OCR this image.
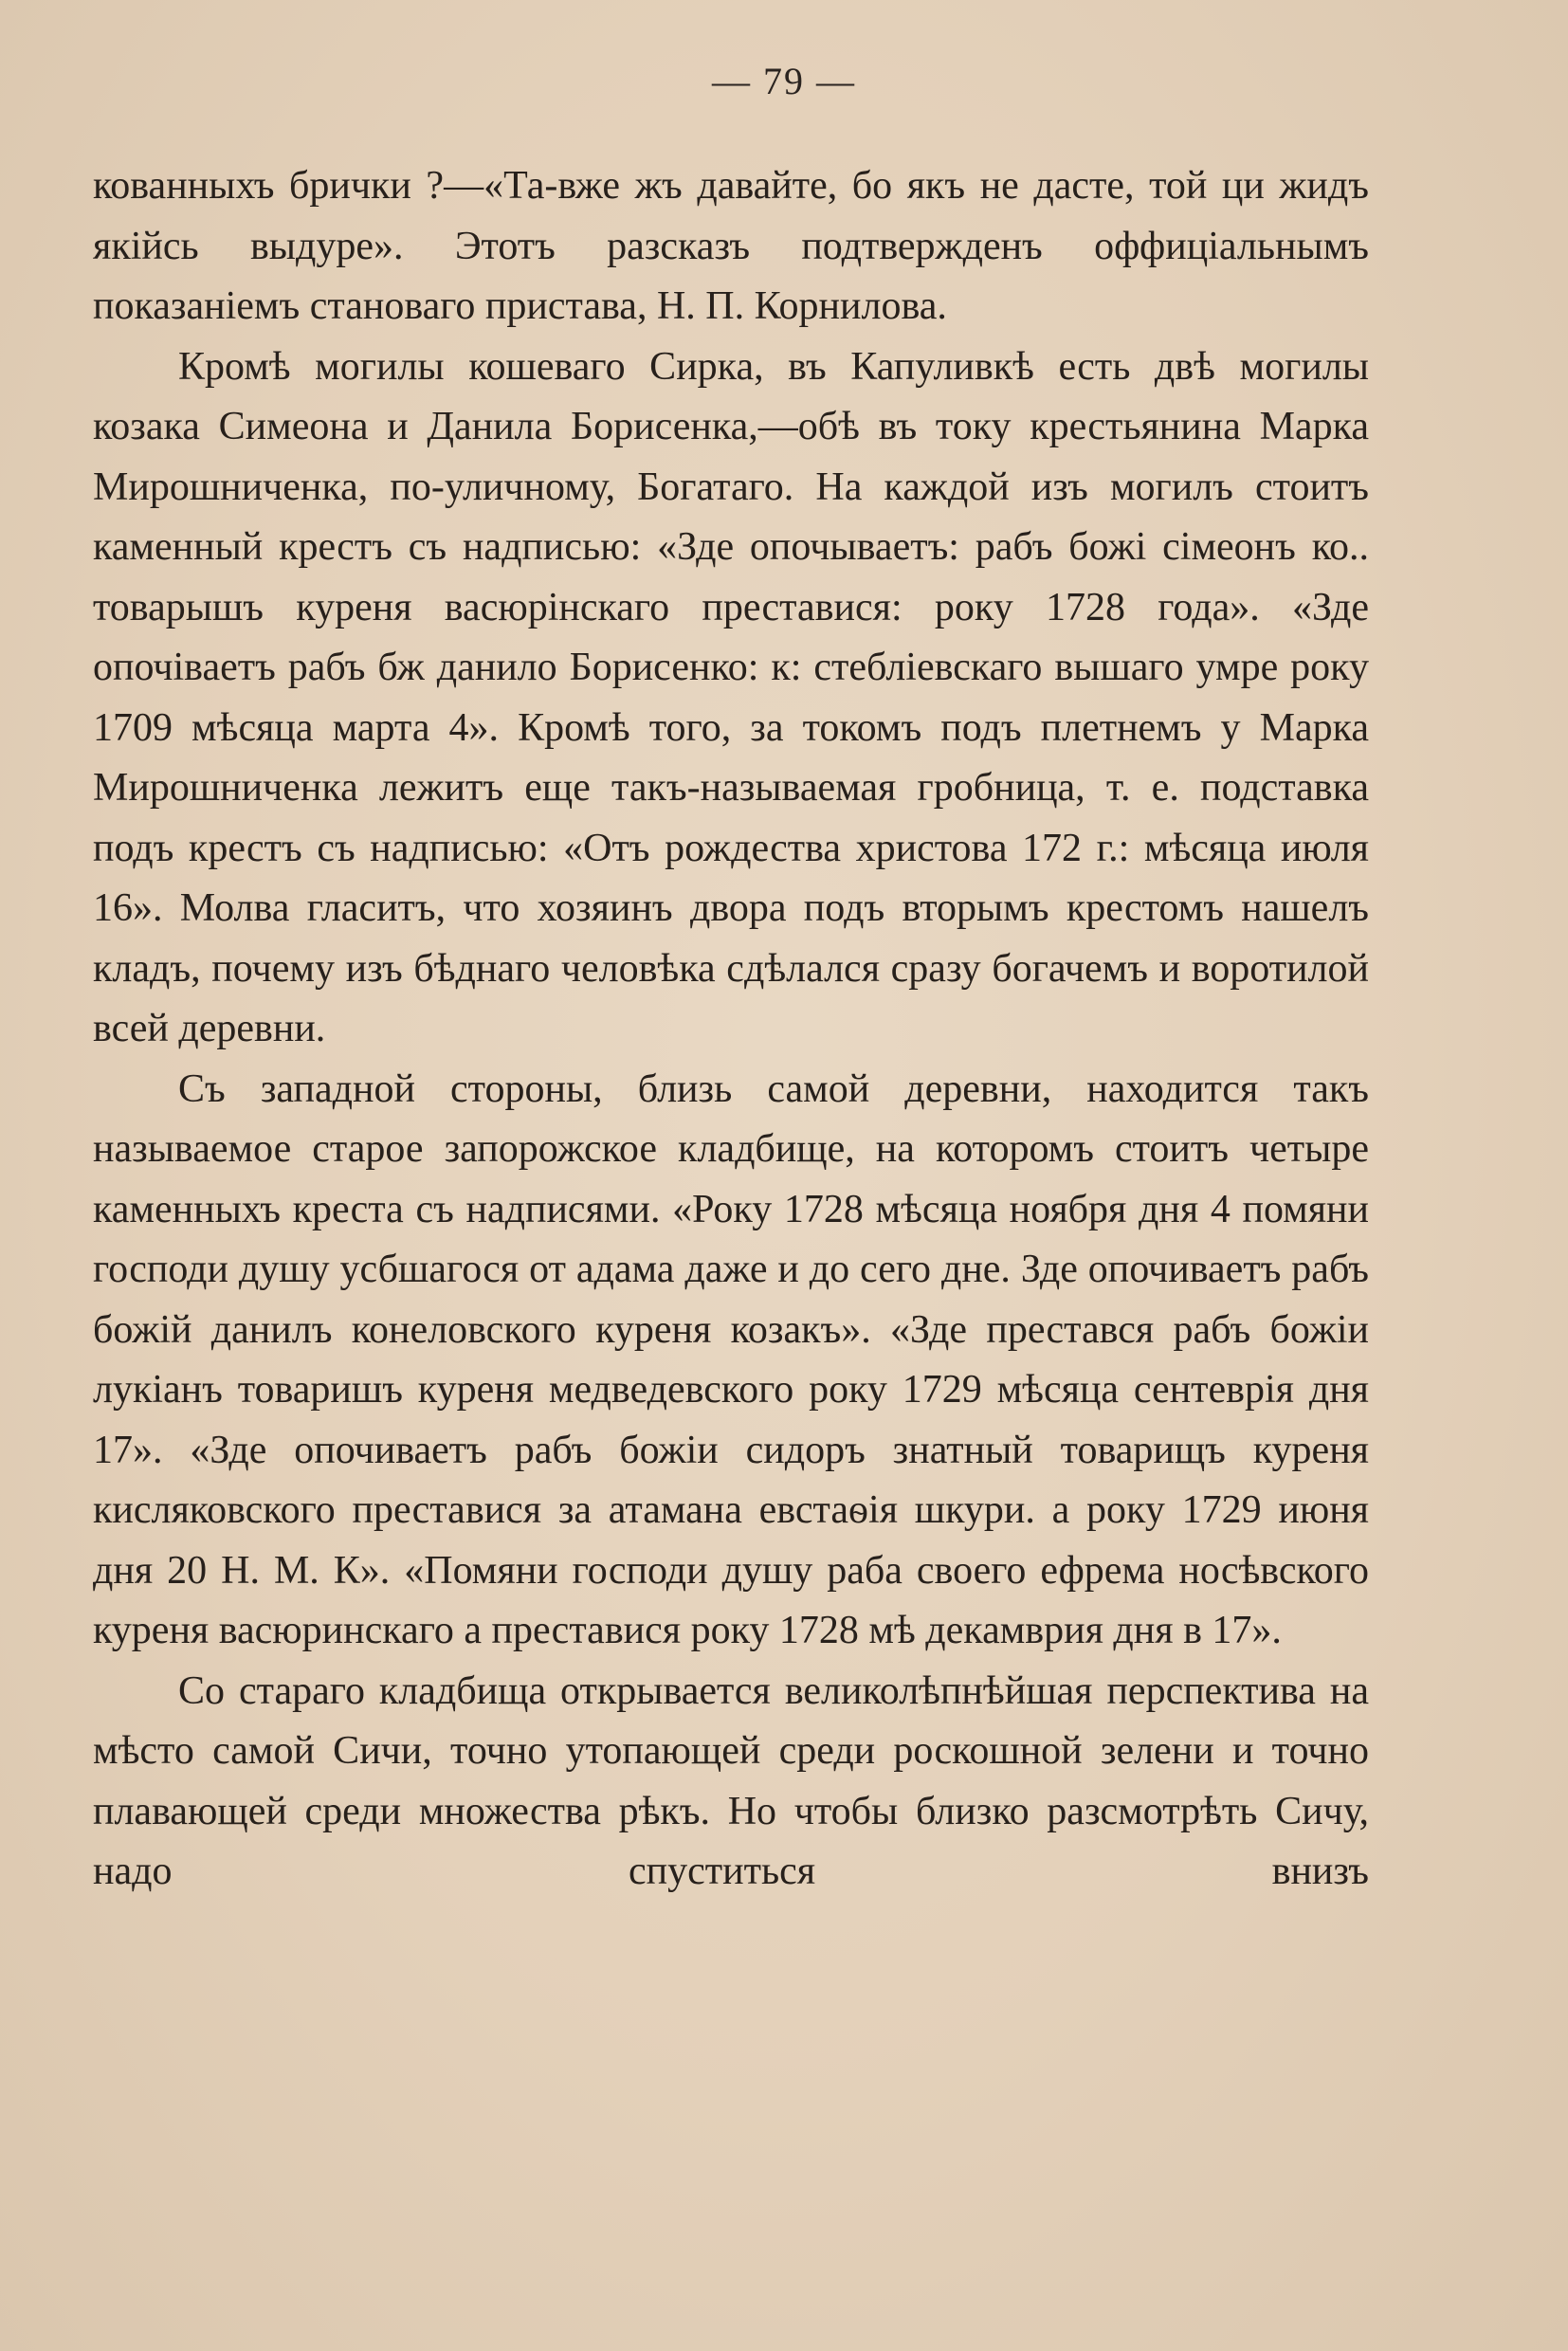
— 79 —

кованныхъ брички ?—«Та-вже жъ давайте, бо якъ не дасте, той ци жидъ якійсь выдуре». Этотъ разсказъ подтвержденъ оффиціальнымъ показаніемъ становаго пристава, Н. П. Корнилова.

Кромѣ могилы кошеваго Сирка, въ Капуливкѣ есть двѣ могилы козака Симеона и Данила Борисенка,—обѣ въ току крестьянина Марка Мирошниченка, по-уличному, Богатаго. На каждой изъ могилъ стоитъ каменный крестъ съ надписью: «Зде опочываетъ: рабъ божі сімеонъ ко.. товарышъ куреня васюрінскаго преставися: року 1728 года». «Зде опочіваетъ рабъ бж данило Борисенко: к: стебліевскаго вышаго умре року 1709 мѣсяца марта 4». Кромѣ того, за токомъ подъ плетнемъ у Марка Мирошниченка лежитъ еще такъ-называемая гробница, т. е. подставка подъ крестъ съ надписью: «Отъ рождества христова 172 г.: мѣсяца июля 16». Молва гласитъ, что хозяинъ двора подъ вторымъ крестомъ нашелъ кладъ, почему изъ бѣднаго человѣка сдѣлался сразу богачемъ и воротилой всей деревни.

Съ западной стороны, близь самой деревни, находится такъ называемое старое запорожское кладбище, на которомъ стоитъ четыре каменныхъ креста съ надписями. «Року 1728 мѣсяца ноября дня 4 помяни господи душу усбшагося от адама даже и до сего дне. Зде опочиваетъ рабъ божій данилъ конеловского куреня козакъ». «Зде престався рабъ божіи лукіанъ товаришъ куреня медведевского року 1729 мѣсяца сентеврія дня 17». «Зде опочиваетъ рабъ божіи сидоръ знатный товарищъ куреня кисляковского преставися за атамана евстаѳія шкури. а року 1729 июня дня 20 Н. М. К». «Помяни господи душу раба своего ефрема носѣвского куреня васюринскаго а преставися року 1728 мѣ декамврия дня в 17».

Со стараго кладбища открывается великолѣпнѣйшая перспектива на мѣсто самой Сичи, точно утопающей среди роскошной зелени и точно плавающей среди множества рѣкъ. Но чтобы близко разсмотрѣть Сичу, надо спуститься внизъ
